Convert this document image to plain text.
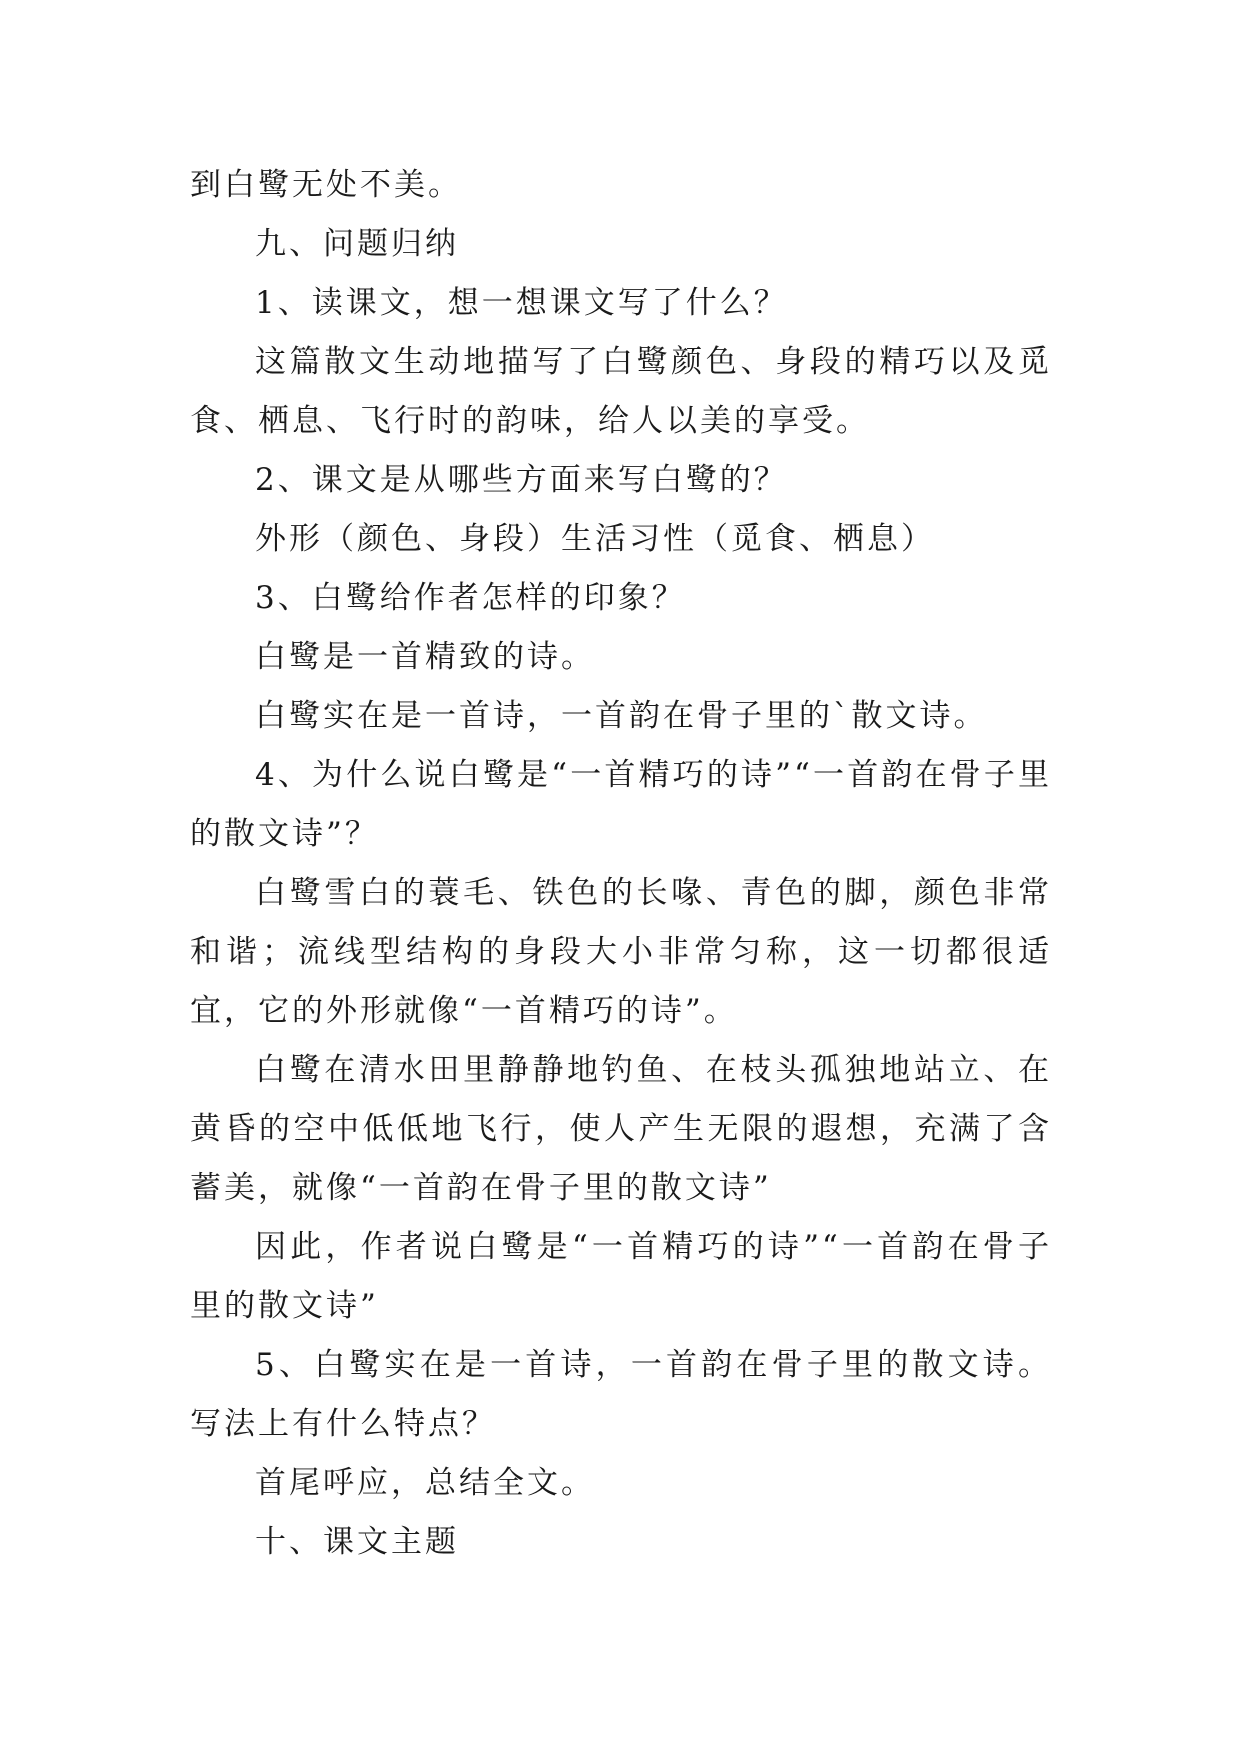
到白鹭无处不美。

九、问题归纳

1、读课文，想一想课文写了什么？

这篇散文生动地描写了白鹭颜色、身段的精巧以及觅食、栖息、飞行时的韵味，给人以美的享受。

2、课文是从哪些方面来写白鹭的？

外形（颜色、身段）生活习性（觅食、栖息）

3、白鹭给作者怎样的印象？

白鹭是一首精致的诗。

白鹭实在是一首诗，一首韵在骨子里的`散文诗。

4、为什么说白鹭是“一首精巧的诗”“一首韵在骨子里的散文诗”？

白鹭雪白的蓑毛、铁色的长喙、青色的脚，颜色非常和谐；流线型结构的身段大小非常匀称，这一切都很适宜，它的外形就像“一首精巧的诗”。

白鹭在清水田里静静地钓鱼、在枝头孤独地站立、在黄昏的空中低低地飞行，使人产生无限的遐想，充满了含蓄美，就像“一首韵在骨子里的散文诗”

因此，作者说白鹭是“一首精巧的诗”“一首韵在骨子里的散文诗”

5、白鹭实在是一首诗，一首韵在骨子里的散文诗。写法上有什么特点？

首尾呼应，总结全文。

十、课文主题
